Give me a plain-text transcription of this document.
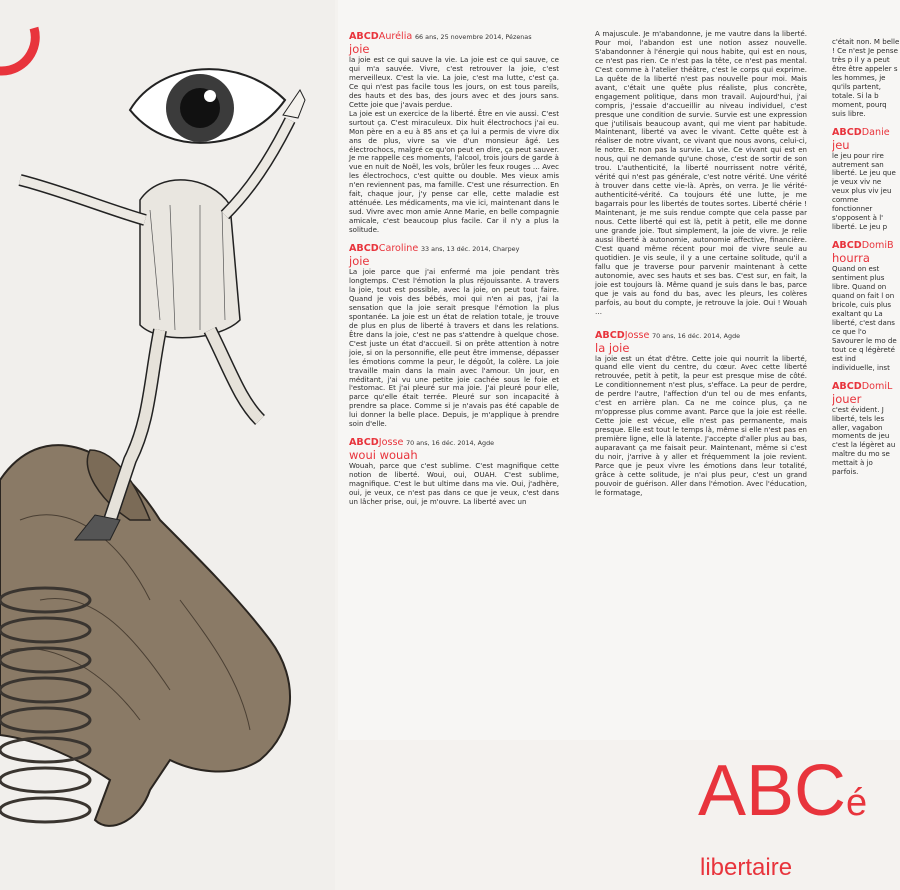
ABCDAurélia 66 ans, 25 novembre 2014, Pézenas

joie

la joie est ce qui sauve la vie. La joie est ce qui sauve, ce qui m'a sauvée. Vivre, c'est retrouver la joie, c'est merveilleux. C'est la vie. La joie, c'est ma lutte, c'est ça. Ce qui n'est pas facile tous les jours, on est tous pareils, des hauts et des bas, des jours avec et des jours sans. Cette joie que j'avais perdue.

La joie est un exercice de la liberté. Être en vie aussi. C'est surtout ça. C'est miraculeux. Dix huit électrochocs j'ai eu. Mon père en a eu à 85 ans et ça lui a permis de vivre dix ans de plus, vivre sa vie d'un monsieur âgé. Les électrochocs, malgré ce qu'on peut en dire, ça peut sauver. Je me rappelle ces moments, l'alcool, trois jours de garde à vue en nuit de Noël, les vols, brûler les feux rouges … Avec les électrochocs, c'est quitte ou double. Mes vieux amis n'en reviennent pas, ma famille. C'est une résurrection. En fait, chaque jour, j'y pense car elle, cette maladie est atténuée. Les médicaments, ma vie ici, maintenant dans le sud. Vivre avec mon amie Anne Marie, en belle compagnie amicale, c'est beaucoup plus facile. Car il n'y a plus la solitude.

ABCDCaroline 33 ans, 13 déc. 2014, Charpey

joie

La joie parce que j'ai enfermé ma joie pendant très longtemps. C'est l'émotion la plus réjouissante. A travers la joie, tout est possible, avec la joie, on peut tout faire. Quand je vois des bébés, moi qui n'en ai pas, j'ai la sensation que la joie serait presque l'émotion la plus spontanée. La joie est un état de relation totale, je trouve de plus en plus de liberté à travers et dans les relations. Être dans la joie, c'est ne pas s'attendre à quelque chose. C'est juste un état d'accueil. Si on prête attention à notre joie, si on la personnifie, elle peut être immense, dépasser les émotions comme la peur, le dégoût, la colère. La joie travaille main dans la main avec l'amour. Un jour, en méditant, j'ai vu une petite joie cachée sous le foie et l'estomac. Et j'ai pleuré sur ma joie. J'ai pleuré pour elle, parce qu'elle était terrée. Pleuré sur son incapacité à prendre sa place. Comme si je n'avais pas été capable de lui donner la belle place. Depuis, je m'applique à prendre soin d'elle.

ABCDJosse 70 ans, 16 déc. 2014, Agde

woui wouah

Wouah, parce que c'est sublime. C'est magnifique cette notion de liberté. Woui, oui, OUAH. C'est sublime, magnifique. C'est le but ultime dans ma vie. Oui, j'adhère, oui, je veux, ce n'est pas dans ce que je veux, c'est dans un lâcher prise, oui, je m'ouvre. La liberté avec un

A majuscule. Je m'abandonne, je me vautre dans la liberté. Pour moi, l'abandon est une notion assez nouvelle. S'abandonner à l'énergie qui nous habite, qui est en nous, ce n'est pas rien. Ce n'est pas la tête, ce n'est pas mental. C'est comme à l'atelier théâtre, c'est le corps qui exprime. La quête de la liberté n'est pas nouvelle pour moi. Mais avant, c'était une quête plus réaliste, plus concrète, engagement politique, dans mon travail. Aujourd'hui, j'ai compris, j'essaie d'accueillir au niveau individuel, c'est presque une condition de survie. Survie est une expression que j'utilisais beaucoup avant, qui me vient par habitude. Maintenant, liberté va avec le vivant. Cette quête est à réaliser de notre vivant, ce vivant que nous avons, celui-ci, le notre. Et non pas la survie. La vie. Ce vivant qui est en nous, qui ne demande qu'une chose, c'est de sortir de son trou. L'authenticité, la liberté nourrissent notre vérité, vérité qui n'est pas générale, c'est notre vérité. Une vérité à trouver dans cette vie-là. Après, on verra. Je lie vérité-authenticité-vérité. Ca toujours été une lutte, je me bagarrais pour les libertés de toutes sortes. Liberté chérie ! Maintenant, je me suis rendue compte que cela passe par nous. Cette liberté qui est là, petit à petit, elle me donne une grande joie. Tout simplement, la joie de vivre. Je relie aussi liberté à autonomie, autonomie affective, financière. C'est quand même récent pour moi de vivre seule au quotidien. Je vis seule, il y a une certaine solitude, qu'il a fallu que je traverse pour parvenir maintenant à cette autonomie, avec ses hauts et ses bas. C'est sur, en fait, la joie est toujours là. Même quand je suis dans le bas, parce que je vais au fond du bas, avec les pleurs, les colères parfois, au bout du compte, je retrouve la joie. Oui ! Wouah …

ABCDJosse 70 ans, 16 déc. 2014, Agde

la joie

la joie est un état d'être. Cette joie qui nourrit la liberté, quand elle vient du centre, du cœur. Avec cette liberté retrouvée, petit à petit, la peur est presque mise de côté. Le conditionnement n'est plus, s'efface. La peur de perdre, de perdre l'autre, l'affection d'un tel ou de mes enfants, c'est en arrière plan. Ca ne me coince plus, ça ne m'oppresse plus comme avant. Parce que la joie est réelle. Cette joie est vécue, elle n'est pas permanente, mais presque. Elle est tout le temps là, même si elle n'est pas en première ligne, elle là latente. J'accepte d'aller plus au bas, auparavant ça me faisait peur. Maintenant, même si c'est du noir, j'arrive à y aller et fréquemment la joie revient. Parce que je peux vivre les émotions dans leur totalité, grâce à cette solitude, je n'ai plus peur, c'est un grand pouvoir de guérison. Aller dans l'émotion. Avec l'éducation, le formatage,

c'était non. M belle ! Ce n'est Je pense très p il y a peut être être appeler s les hommes, je qu'ils partent, totale. Si la b moment, pourq suis libre.

ABCDDanie

jeu

le jeu pour rire autrement san liberté. Le jeu que je veux viv ne veux plus viv jeu comme fonctionner s'opposent à l' liberté. Le jeu p

ABCDDomiB

hourra

Quand on est sentiment plus libre. Quand on quand on fait l on bricole, cuis plus exaltant qu La liberté, c'est dans ce que l'o Savourer le mo de tout ce q légèreté est ind individuelle, inst

ABCDDomiL

jouer

c'est évident. J liberté, tels les aller, vagabon moments de jeu c'est la légèret au maître du mo se mettait à jo parfois.

ABCé
libertaire
